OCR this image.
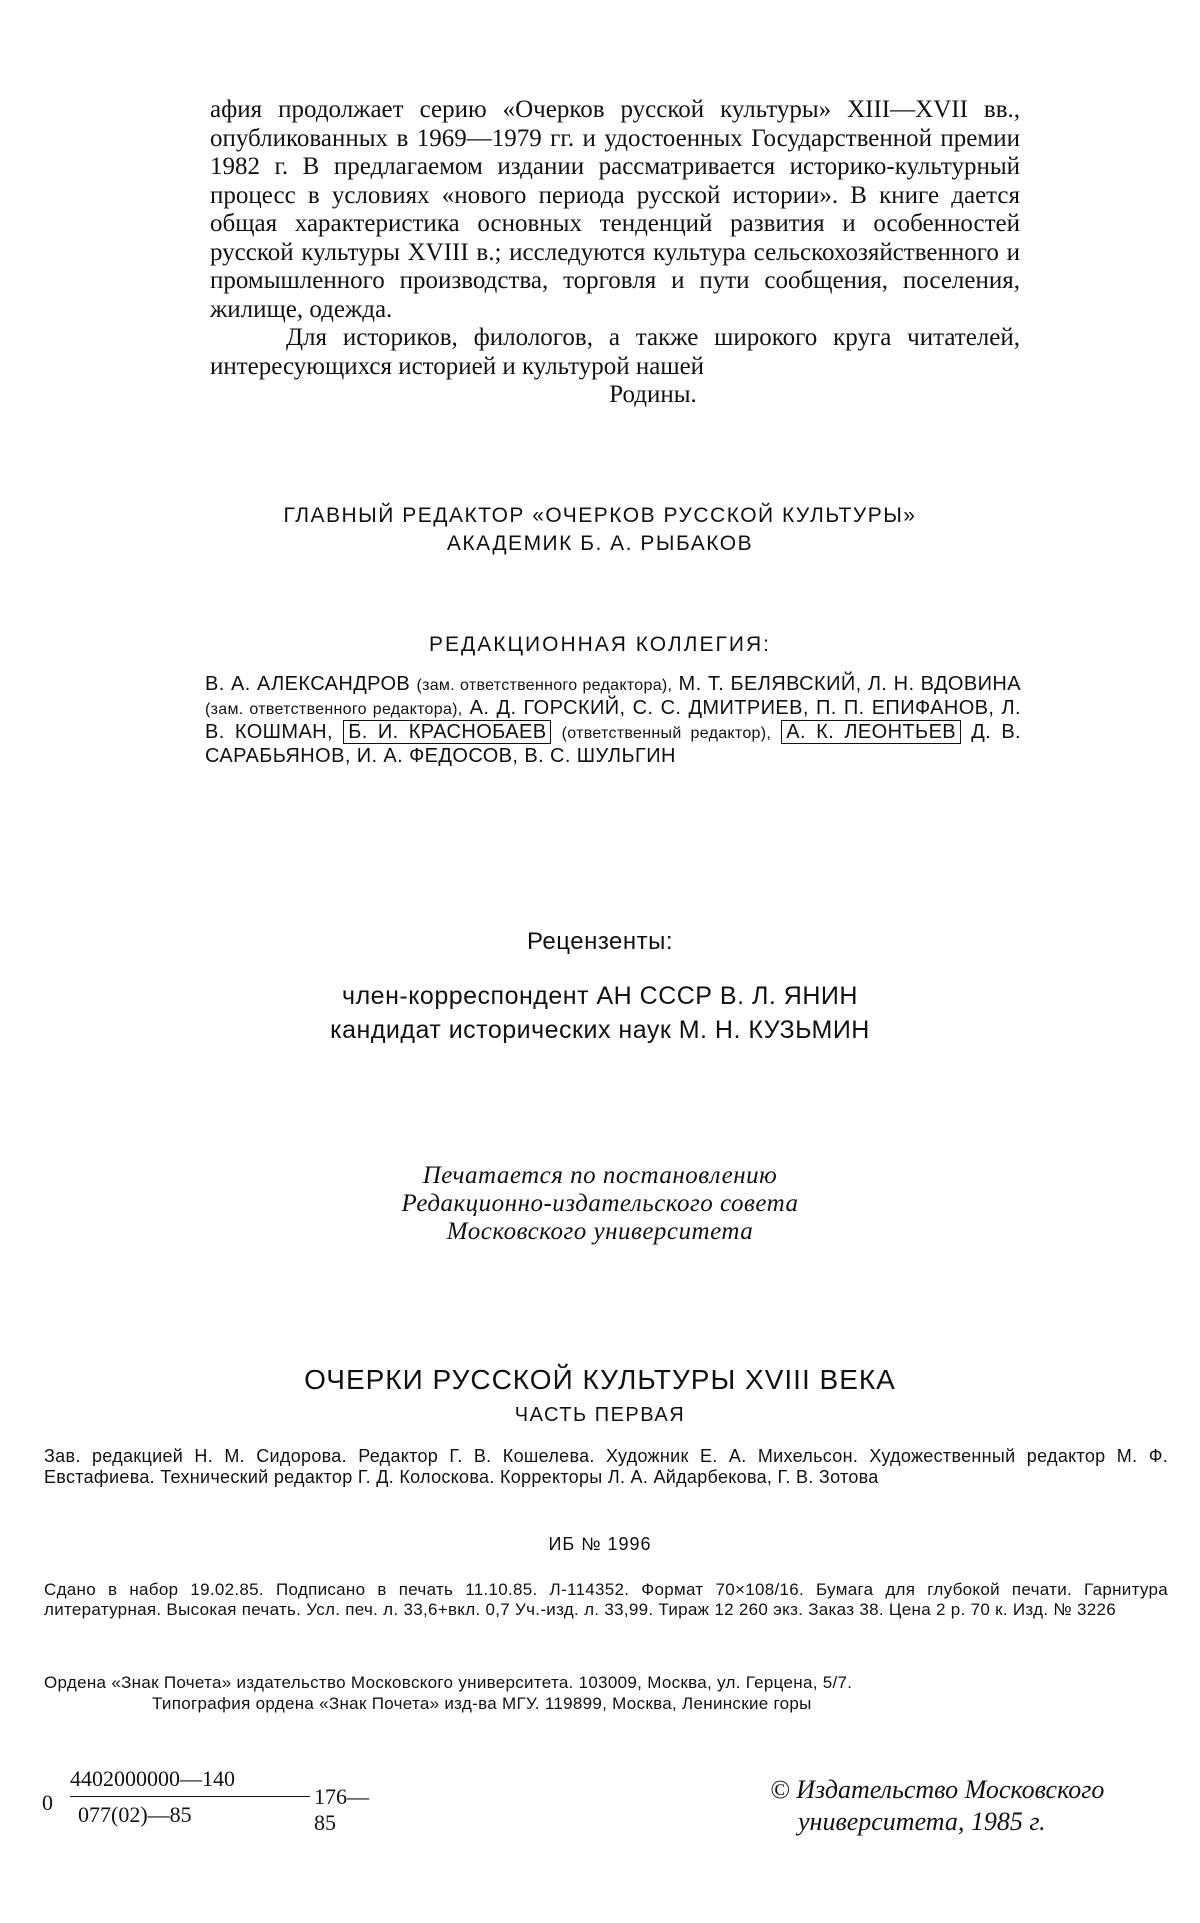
афия продолжает серию «Очерков русской культуры» XIII—XVII вв., опубликованных в 1969—1979 гг. и удостоенных Государственной премии 1982 г. В предлагаемом издании рассматривается историко-культурный процесс в условиях «нового периода русской истории». В книге дается общая характеристика основных тенденций развития и особенностей русской культуры XVIII в.; исследуются культура сельскохозяйственного и промышленного производства, торговля и пути сообщения, поселения, жилище, одежда.

Для историков, филологов, а также широкого круга читателей, интересующихся историей и культурой нашей
Родины.

ГЛАВНЫЙ РЕДАКТОР «ОЧЕРКОВ РУССКОЙ КУЛЬТУРЫ»
АКАДЕМИК Б. А. РЫБАКОВ
РЕДАКЦИОННАЯ КОЛЛЕГИЯ:
В. А. АЛЕКСАНДРОВ (зам. ответственного редактора), М. Т. БЕЛЯВСКИЙ, Л. Н. ВДОВИНА (зам. ответственного редактора), А. Д. ГОРСКИЙ, С. С. ДМИТРИЕВ, П. П. ЕПИФАНОВ, Л. В. КОШМАН, Б. И. КРАСНОБАЕВ (ответственный редактор), А. К. ЛЕОНТЬЕВ Д. В. САРАБЬЯНОВ, И. А. ФЕДОСОВ, В. С. ШУЛЬГИН
Рецензенты:
член-корреспондент АН СССР В. Л. ЯНИН
кандидат исторических наук М. Н. КУЗЬМИН
Печатается по постановлению
Редакционно-издательского совета
Московского университета
ОЧЕРКИ РУССКОЙ КУЛЬТУРЫ XVIII ВЕКА
ЧАСТЬ ПЕРВАЯ
Зав. редакцией Н. М. Сидорова. Редактор Г. В. Кошелева. Художник Е. А. Михельсон. Художественный редактор М. Ф. Евстафиева. Технический редактор Г. Д. Колоскова. Корректоры Л. А. Айдарбекова, Г. В. Зотова
ИБ № 1996
Сдано в набор 19.02.85. Подписано в печать 11.10.85. Л-114352. Формат 70×108/16. Бумага для глубокой печати. Гарнитура литературная. Высокая печать. Усл. печ. л. 33,6+вкл. 0,7 Уч.-изд. л. 33,99. Тираж 12 260 экз. Заказ 38. Цена 2 р. 70 к. Изд. № 3226
Ордена «Знак Почета» издательство Московского университета. 103009, Москва, ул. Герцена, 5/7.
Типография ордена «Знак Почета» изд-ва МГУ. 119899, Москва, Ленинские горы
0
4402000000—140
077(02)—85
176—85
© Издательство Московского
университета, 1985 г.
